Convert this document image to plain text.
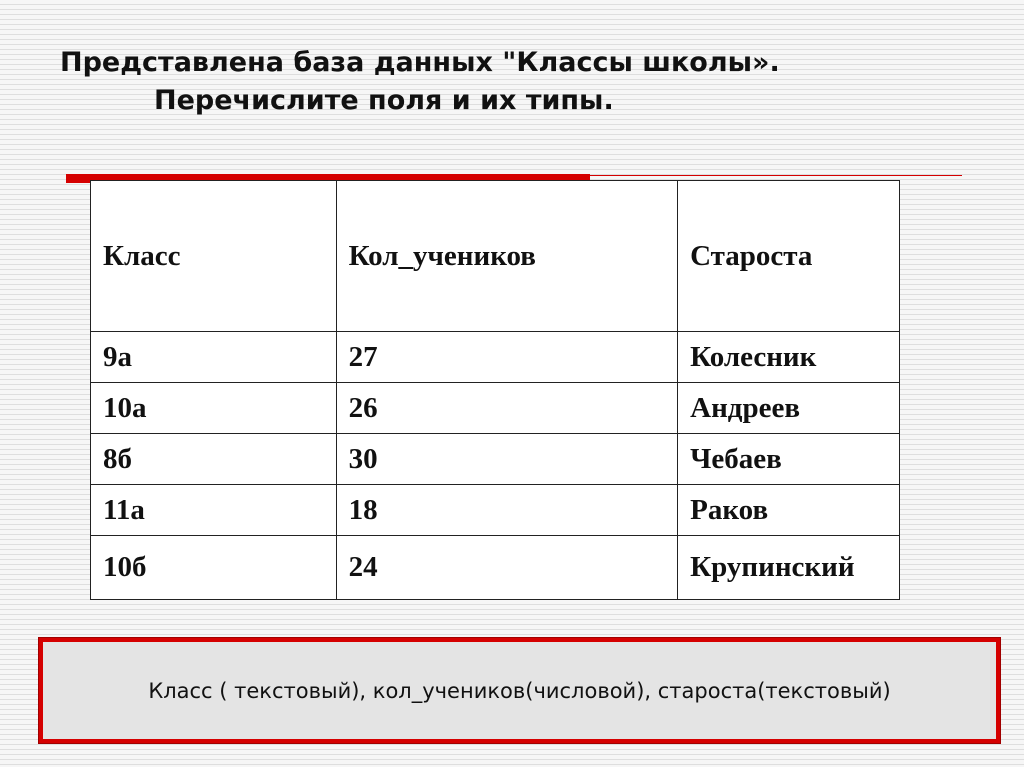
Представлена база данных "Классы школы».
Перечислите поля и их типы.
Класс	Кол_учеников	Староста
9а	27	Колесник
10а	26	Андреев
8б	30	Чебаев
11а	18	Раков
10б	24	Крупинский
Класс ( текстовый), кол_учеников(числовой), староста(текстовый)
